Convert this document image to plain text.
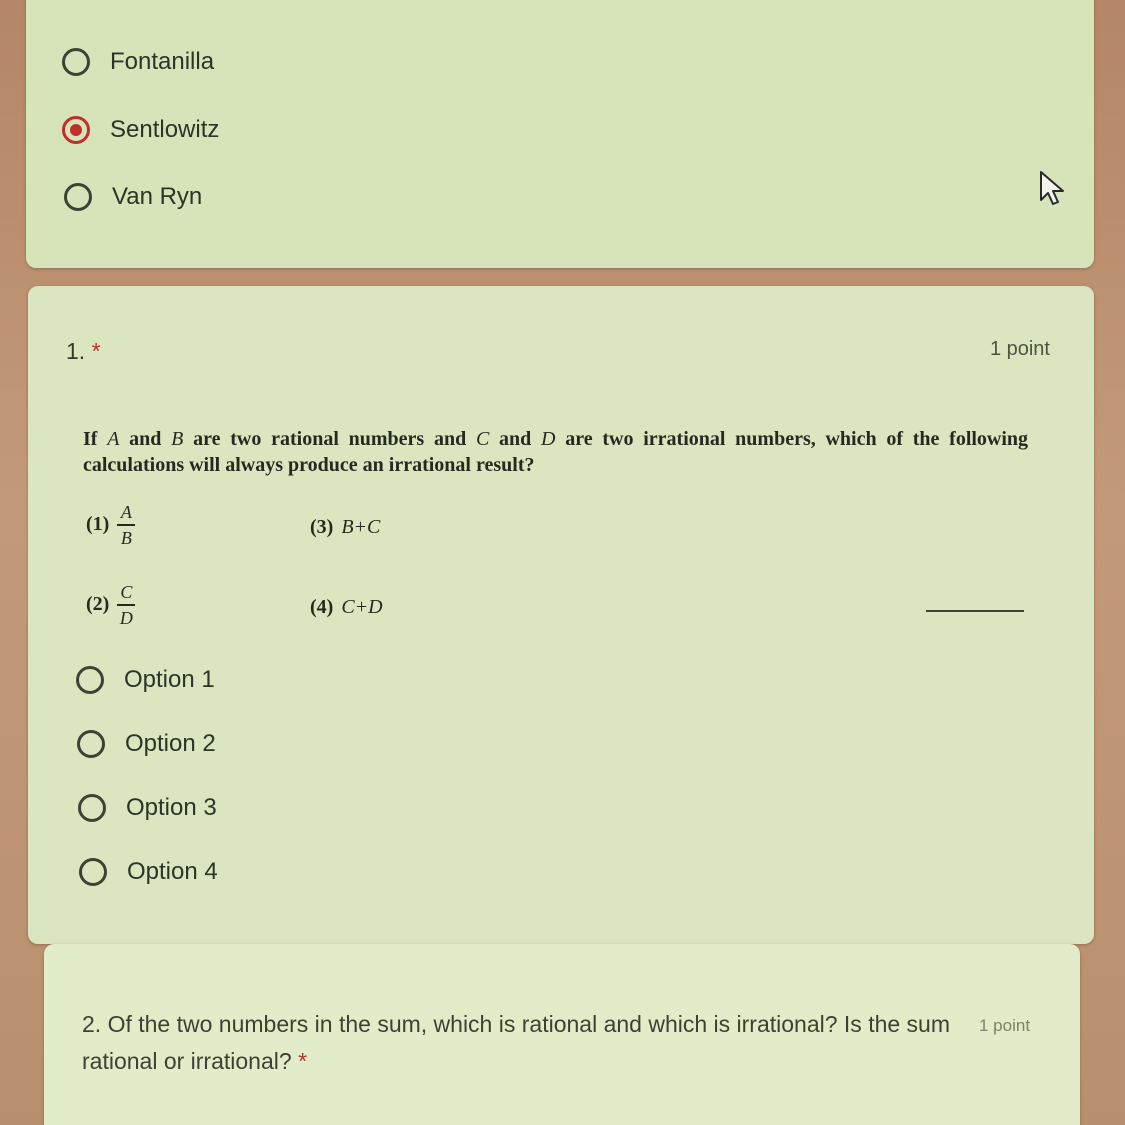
Fontanilla
Sentlowitz
Van Ryn
1. *	1 point
If A and B are two rational numbers and C and D are two irrational numbers, which of the following calculations will always produce an irrational result?
$(1) \frac{A}{B}$
$(2) \frac{C}{D}$
(3) B+C
(4) C+D
Option 1
Option 2
Option 3
Option 4
2. Of the two numbers in the sum, which is rational and which is irrational? Is the sum rational or irrational? *
1 point
